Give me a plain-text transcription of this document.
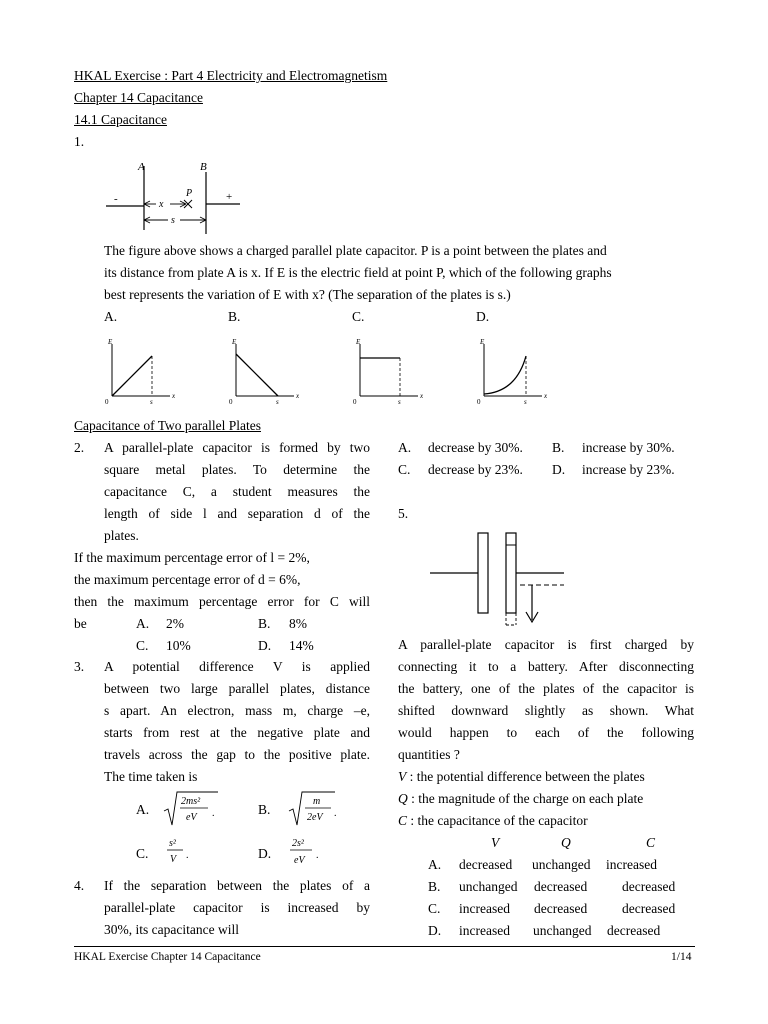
HKAL Exercise : Part 4 Electricity and Electromagnetism
Chapter 14 Capacitance
14.1 Capacitance
1.
A	B
-	+
P
x
s
The figure above shows a charged parallel plate capacitor. P is a point between the plates and
its distance from plate A is x. If E is the electric field at point P, which of the following graphs
best represents the variation of E with x? (The separation of the plates is s.)
A.	B.	C.	D.
E
x
0	s
E
x
0	s
E
x
0	s
E
x
0	s
Capacitance of Two parallel Plates
2. A parallel-plate capacitor is formed by two
square metal plates. To determine the
capacitance C, a student measures the
length of side l and separation d of the
plates.
If the maximum percentage error of l = 2%,
the maximum percentage error of d = 6%,
then the maximum percentage error for C will
be	A. 2%	B. 8%
C. 10%	D. 14%
3. A potential difference V is applied
between two large parallel plates, distance
s apart. An electron, mass m, charge –e,
starts from rest at the negative plate and
travels across the gap to the positive plate.
The time taken is
A.
2ms²
eV .	B.
m
2eV .
C.
s²
V .	D.
2s²
eV .
4. If the separation between the plates of a
parallel-plate capacitor is increased by
30%, its capacitance will
A. decrease by 30%. B. increase by 30%.
C. decrease by 23%. D. increase by 23%.
5.
A parallel-plate capacitor is first charged by
connecting it to a battery. After disconnecting
the battery, one of the plates of the capacitor is
shifted downward slightly as shown. What
would happen to each of the following
quantities ?
V : the potential difference between the plates
Q : the magnitude of the charge on each plate
C : the capacitance of the capacitor
V	Q	C
A. decreased unchanged increased
B. unchanged decreased	decreased
C. increased decreased	decreased
D. increased unchanged decreased
HKAL Exercise Chapter 14 Capacitance	1/14
